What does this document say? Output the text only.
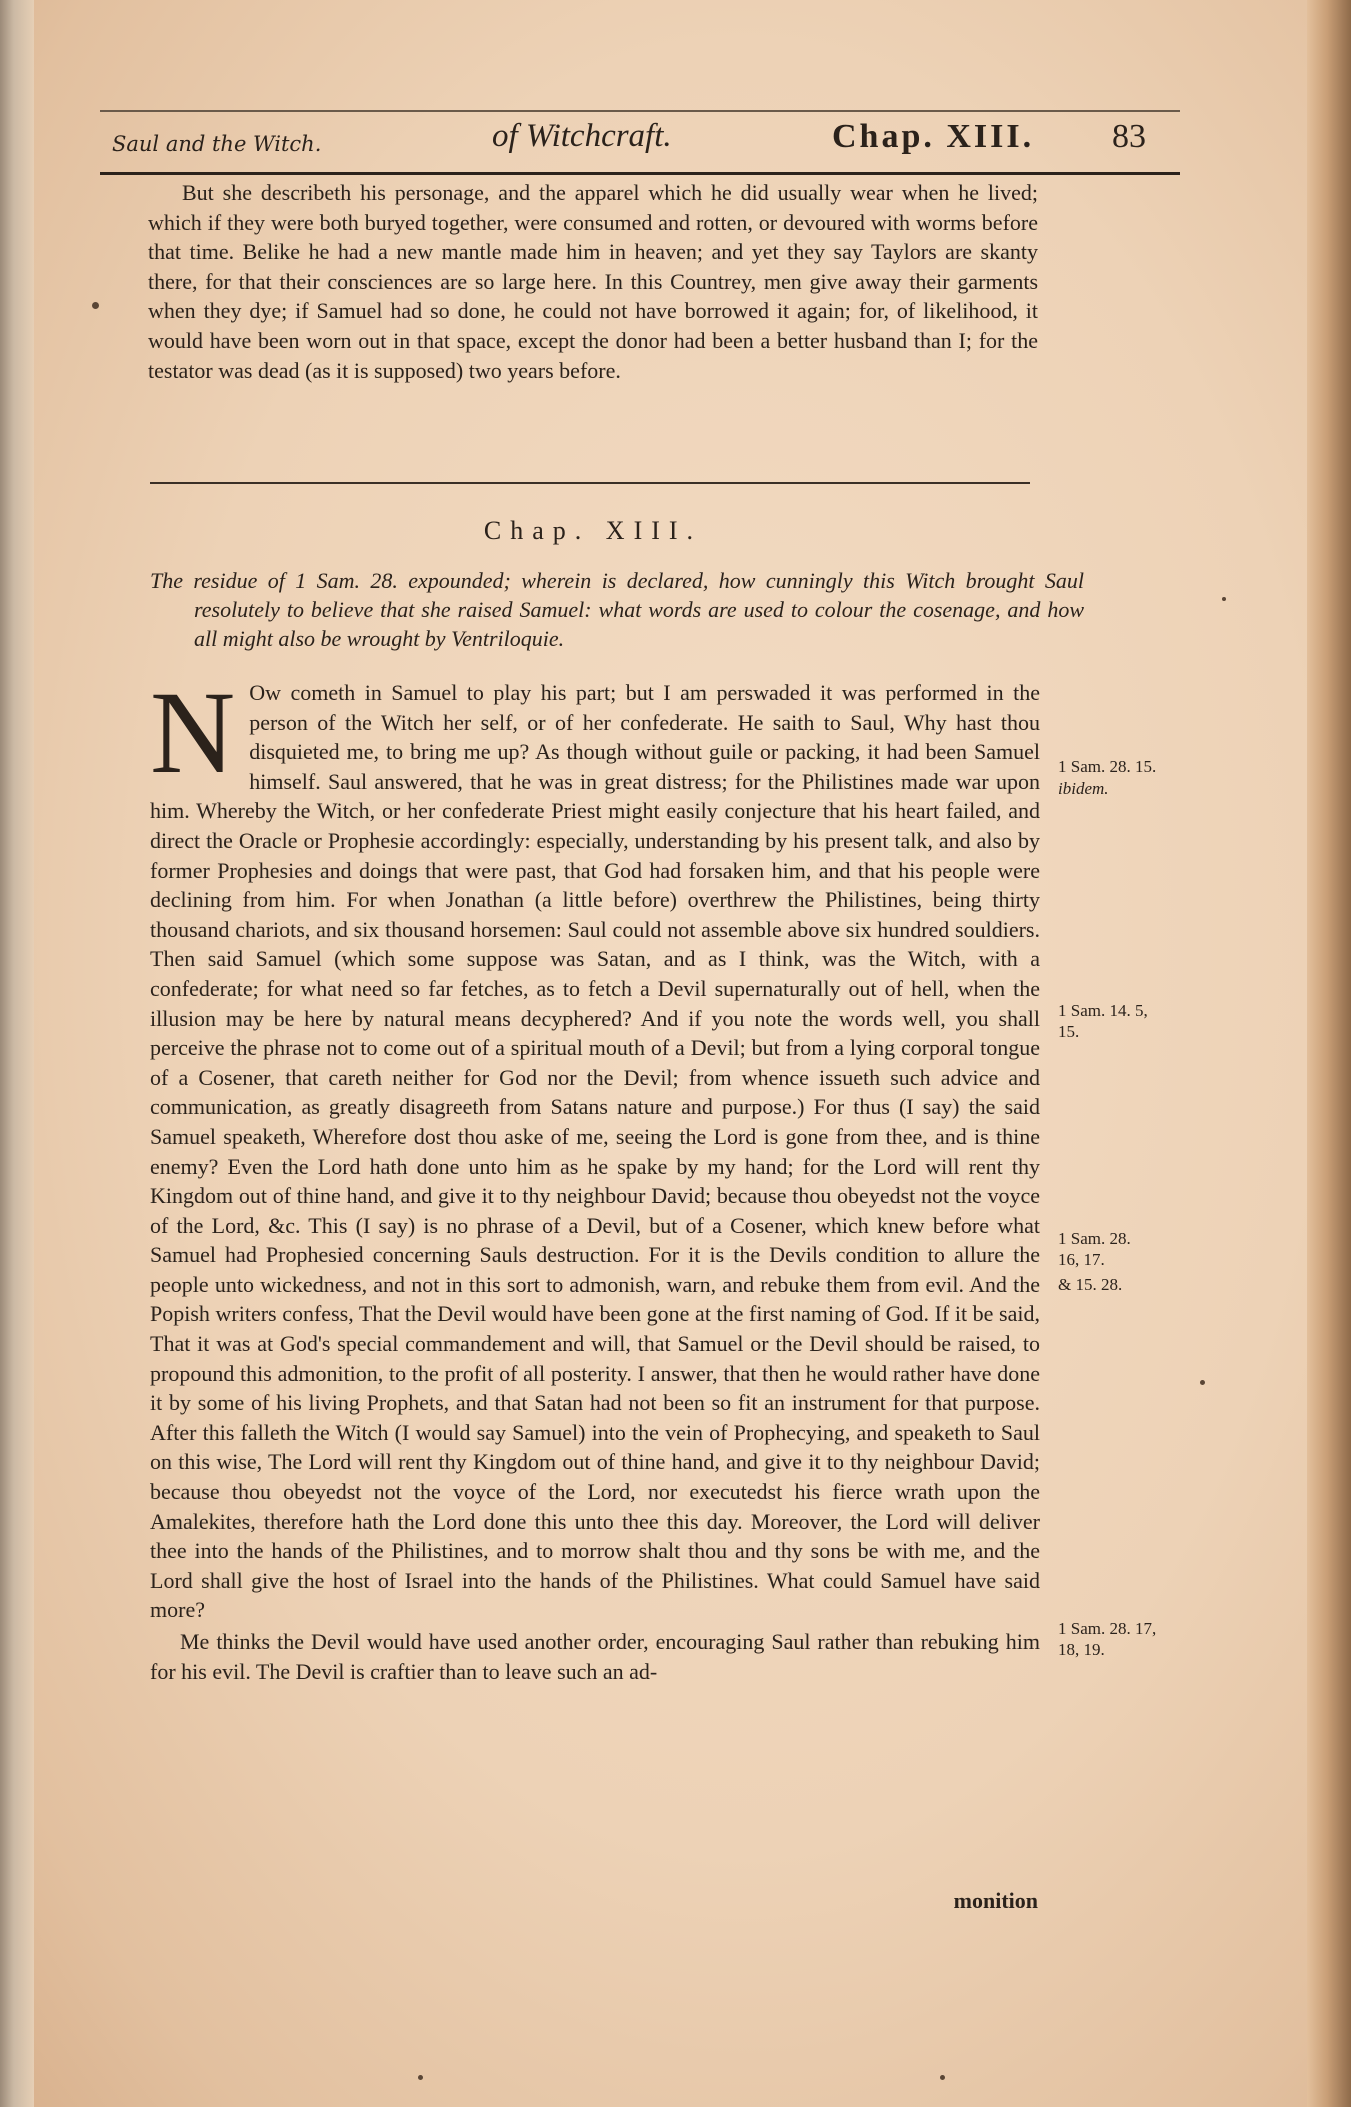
Saul and the Witch.	of Witchcraft.	Chap. XIII. 83

But she describeth his personage, and the apparel which he did usually wear when he lived; which if they were both buryed together, were consumed and rotten, or devoured with worms before that time. Belike he had a new mantle made him in heaven; and yet they say Taylors are skanty there, for that their consciences are so large here. In this Countrey, men give away their garments when they dye; if Samuel had so done, he could not have borrowed it again; for, of likelihood, it would have been worn out in that space, except the donor had been a better husband than I; for the testator was dead (as it is supposed) two years before.

Chap. XIII.
The residue of 1 Sam. 28. expounded; wherein is declared, how cunningly this Witch brought Saul resolutely to believe that she raised Samuel: what words are used to colour the cosenage, and how all might also be wrought by Ventriloquie.

N Ow cometh in Samuel to play his part; but I am perswaded it was performed in the person of the Witch her self, or of her confederate. He saith to Saul, Why hast thou disquieted me, to bring me up? As though without guile or packing, it had been Samuel himself. Saul answered, that he was in great distress; for the Philistines made war upon him. Whereby the Witch, or her confederate Priest might easily conjecture that his heart failed, and direct the Oracle or Prophesie accordingly: especially, understanding by his present talk, and also by former Prophesies and doings that were past, that God had forsaken him, and that his people were declining from him. For when Jonathan (a little before) overthrew the Philistines, being thirty thousand chariots, and six thousand horsemen: Saul could not assemble above six hundred souldiers. Then said Samuel (which some suppose was Satan, and as I think, was the Witch, with a confederate; for what need so far fetches, as to fetch a Devil supernaturally out of hell, when the illusion may be here by natural means decyphered? And if you note the words well, you shall perceive the phrase not to come out of a spiritual mouth of a Devil; but from a lying corporal tongue of a Cosener, that careth neither for God nor the Devil; from whence issueth such advice and communication, as greatly disagreeth from Satans nature and purpose.) For thus (I say) the said Samuel speaketh, Wherefore dost thou aske of me, seeing the Lord is gone from thee, and is thine enemy? Even the Lord hath done unto him as he spake by my hand; for the Lord will rent thy Kingdom out of thine hand, and give it to thy neighbour David; because thou obeyedst not the voyce of the Lord, &c. This (I say) is no phrase of a Devil, but of a Cosener, which knew before what Samuel had Prophesied concerning Sauls destruction. For it is the Devils condition to allure the people unto wickedness, and not in this sort to admonish, warn, and rebuke them from evil. And the Popish writers confess, That the Devil would have been gone at the first naming of God. If it be said, That it was at God's special commandement and will, that Samuel or the Devil should be raised, to propound this admonition, to the profit of all posterity. I answer, that then he would rather have done it by some of his living Prophets, and that Satan had not been so fit an instrument for that purpose. After this falleth the Witch (I would say Samuel) into the vein of Prophecying, and speaketh to Saul on this wise, The Lord will rent thy Kingdom out of thine hand, and give it to thy neighbour David; because thou obeyedst not the voyce of the Lord, nor executedst his fierce wrath upon the Amalekites, therefore hath the Lord done this unto thee this day. Moreover, the Lord will deliver thee into the hands of the Philistines, and to morrow shalt thou and thy sons be with me, and the Lord shall give the host of Israel into the hands of the Philistines. What could Samuel have said more?

Me thinks the Devil would have used another order, encouraging Saul rather than rebuking him for his evil. The Devil is craftier than to leave such an ad-

monition
1 Sam. 28. 15.
ibidem.
1 Sam. 14. 5, 15.
1 Sam. 28. 16, 17.
& 15. 28.
1 Sam. 28. 17, 18, 19.
